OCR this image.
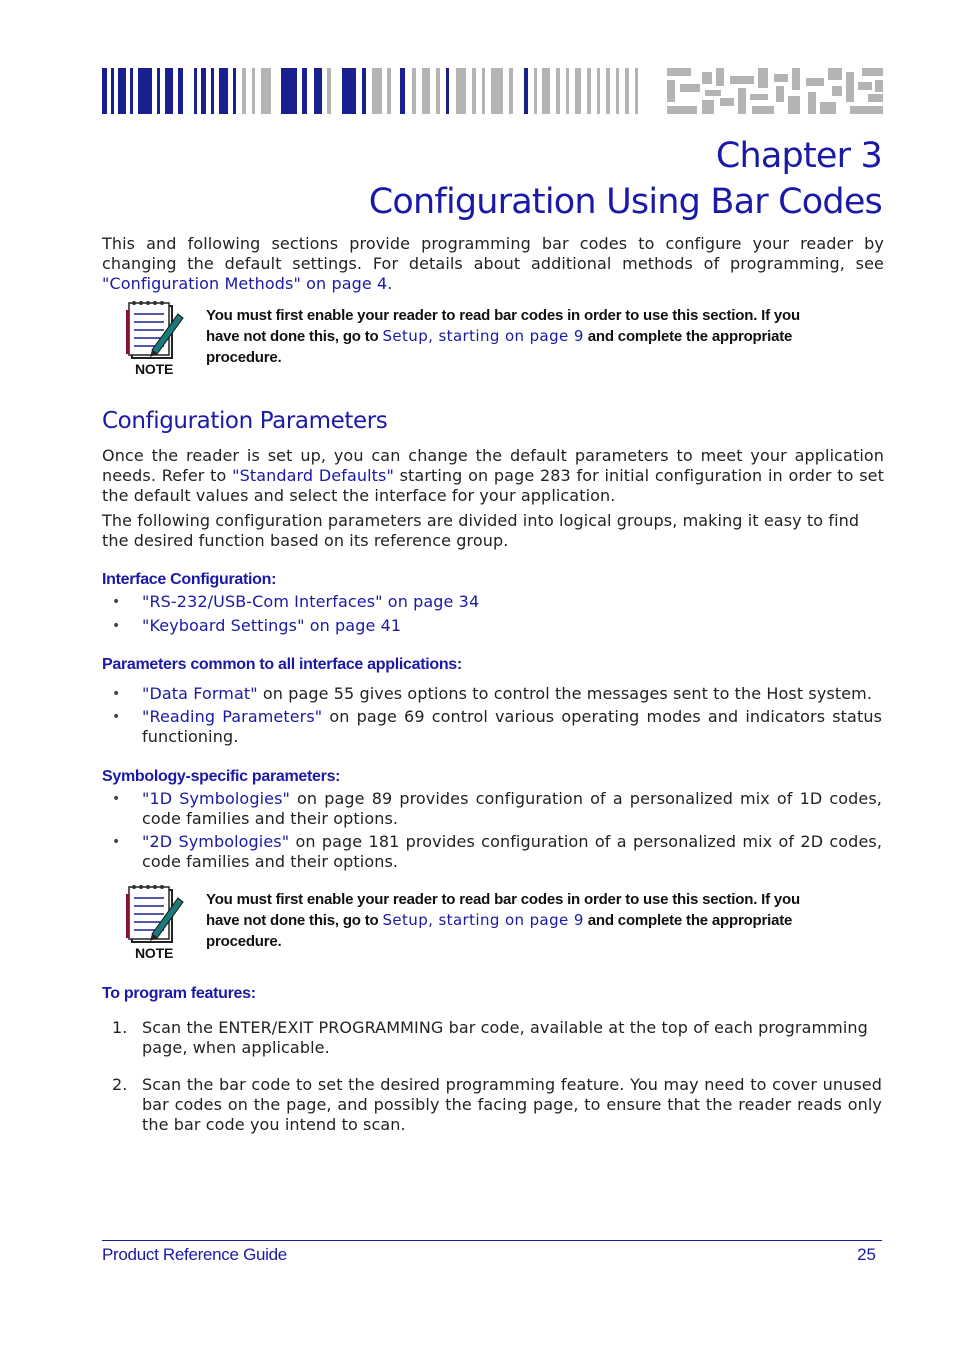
Chapter 3
Configuration Using Bar Codes
This and following sections provide programming bar codes to configure your reader by changing the default settings. For details about additional methods of programming, see "Configuration Methods" on page 4.
NOTE
You must first enable your reader to read bar codes in order to use this section. If you have not done this, go to Setup, starting on page 9 and complete the appropriate procedure.
Configuration Parameters
Once the reader is set up, you can change the default parameters to meet your application needs. Refer to "Standard Defaults" starting on page 283 for initial configuration in order to set the default values and select the interface for your application.
The following configuration parameters are divided into logical groups, making it easy to find the desired function based on its reference group.
Interface Configuration:
• "RS-232/USB-Com Interfaces" on page 34
• "Keyboard Settings" on page 41
Parameters common to all interface applications:
• "Data Format" on page 55 gives options to control the messages sent to the Host system.
• "Reading Parameters" on page 69 control various operating modes and indicators status functioning.
Symbology-specific parameters:
• "1D Symbologies" on page 89 provides configuration of a personalized mix of 1D codes, code families and their options.
• "2D Symbologies" on page 181 provides configuration of a personalized mix of 2D codes, code families and their options.
NOTE
You must first enable your reader to read bar codes in order to use this section. If you have not done this, go to Setup, starting on page 9 and complete the appropriate procedure.
To program features:
1. Scan the ENTER/EXIT PROGRAMMING bar code, available at the top of each programming page, when applicable.
2. Scan the bar code to set the desired programming feature. You may need to cover unused bar codes on the page, and possibly the facing page, to ensure that the reader reads only the bar code you intend to scan.
Product Reference Guide	25
